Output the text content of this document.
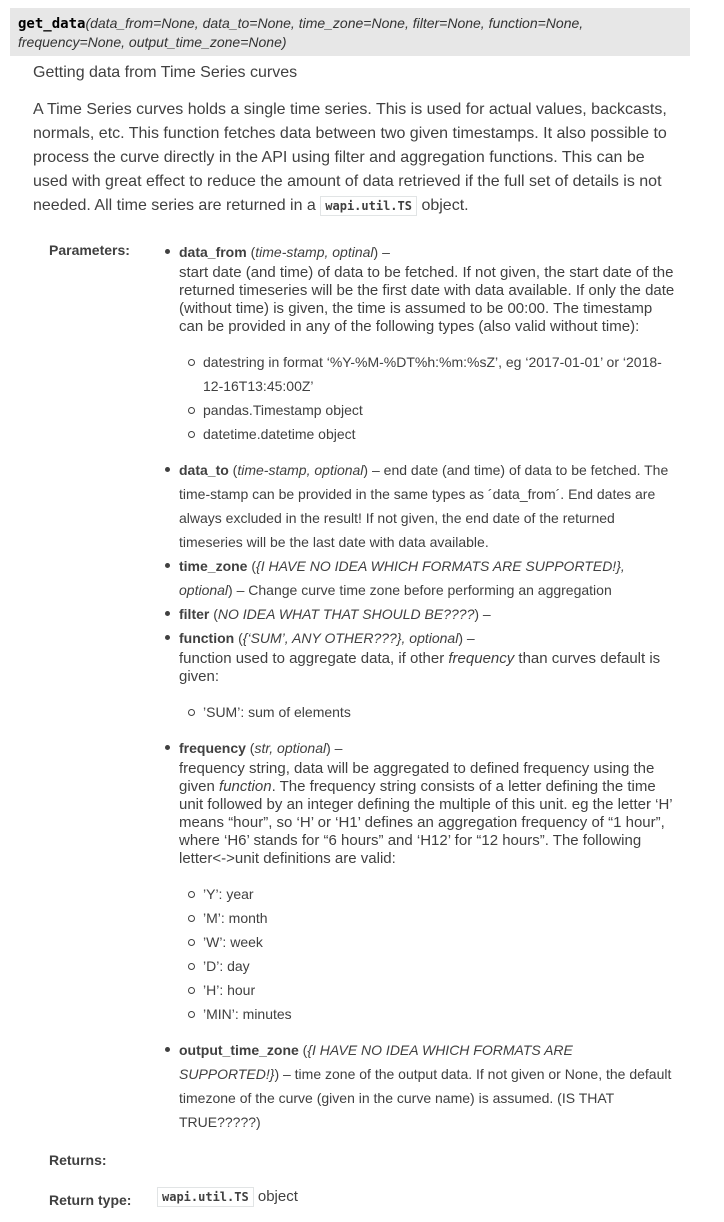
get_data(data_from=None, data_to=None, time_zone=None, filter=None, function=None,
frequency=None, output_time_zone=None)
Getting data from Time Series curves
A Time Series curves holds a single time series. This is used for actual values, backcasts, normals, etc. This function fetches data between two given timestamps. It also possible to process the curve directly in the API using filter and aggregation functions. This can be used with great effect to reduce the amount of data retrieved if the full set of details is not needed. All time series are returned in a wapi.util.TS object.
Parameters:
Returns:
Return type:	wapi.util.TS object
data_from (time-stamp, optinal) –
start date (and time) of data to be fetched. If not given, the start date of the returned timeseries will be the first date with data available. If only the date (without time) is given, the time is assumed to be 00:00. The timestamp can be provided in any of the following types (also valid without time):
datestring in format ‘%Y-%M-%DT%h:%m:%sZ’, eg ‘2017-01-01’ or ‘2018-12-16T13:45:00Z’
pandas.Timestamp object
datetime.datetime object
data_to (time-stamp, optional) – end date (and time) of data to be fetched. The time-stamp can be provided in the same types as ´data_from´. End dates are always excluded in the result! If not given, the end date of the returned timeseries will be the last date with data available.
time_zone ({I HAVE NO IDEA WHICH FORMATS ARE SUPPORTED!}, optional) – Change curve time zone before performing an aggregation
filter (NO IDEA WHAT THAT SHOULD BE????) –
function ({‘SUM’, ANY OTHER???}, optional) –
function used to aggregate data, if other frequency than curves default is given:
’SUM’: sum of elements
frequency (str, optional) –
frequency string, data will be aggregated to defined frequency using the given function. The frequency string consists of a letter defining the time unit followed by an integer defining the multiple of this unit. eg the letter ‘H’ means “hour”, so ‘H’ or ‘H1’ defines an aggregation frequency of “1 hour”, where ‘H6’ stands for “6 hours” and ‘H12’ for “12 hours”. The following letter<->unit definitions are valid:
’Y’: year
’M’: month
’W’: week
’D’: day
’H’: hour
’MIN’: minutes
output_time_zone ({I HAVE NO IDEA WHICH FORMATS ARE SUPPORTED!}) – time zone of the output data. If not given or None, the default timezone of the curve (given in the curve name) is assumed. (IS THAT TRUE?????)
